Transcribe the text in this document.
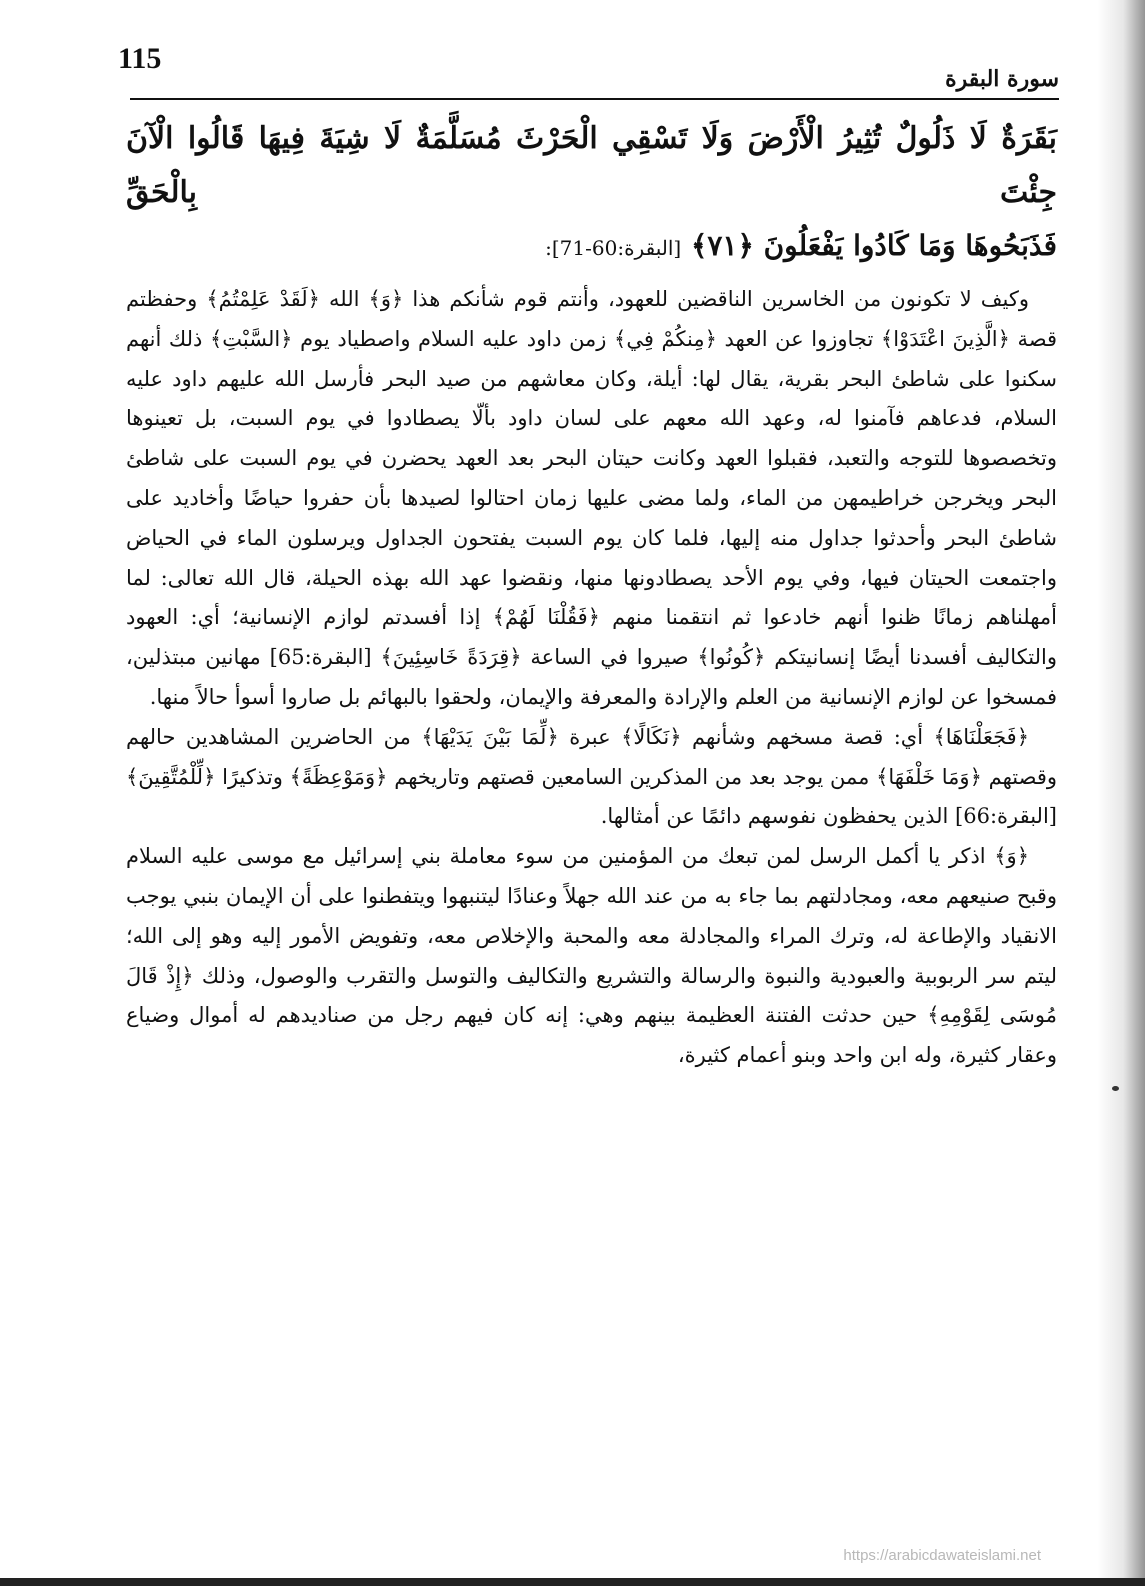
115
سورة البقرة

بَقَرَةٌ لَا ذَلُولٌ تُثِيرُ الْأَرْضَ وَلَا تَسْقِي الْحَرْثَ مُسَلَّمَةٌ لَا شِيَةَ فِيهَا قَالُوا الْآنَ جِئْتَ بِالْحَقِّ

فَذَبَحُوهَا وَمَا كَادُوا يَفْعَلُونَ ﴿٧١﴾ [البقرة:60-71]:

وكيف لا تكونون من الخاسرين الناقضين للعهود، وأنتم قوم شأنكم هذا ﴿وَ﴾ الله ﴿لَقَدْ عَلِمْتُمُ﴾ وحفظتم قصة ﴿الَّذِينَ اعْتَدَوْا﴾ تجاوزوا عن العهد ﴿مِنكُمْ فِي﴾ زمن داود عليه السلام واصطياد يوم ﴿السَّبْتِ﴾ ذلك أنهم سكنوا على شاطئ البحر بقرية، يقال لها: أيلة، وكان معاشهم من صيد البحر فأرسل الله عليهم داود عليه السلام، فدعاهم فآمنوا له، وعهد الله معهم على لسان داود بألّا يصطادوا في يوم السبت، بل تعينوها وتخصصوها للتوجه والتعبد، فقبلوا العهد وكانت حيتان البحر بعد العهد يحضرن في يوم السبت على شاطئ البحر ويخرجن خراطيمهن من الماء، ولما مضى عليها زمان احتالوا لصيدها بأن حفروا حياضًا وأخاديد على شاطئ البحر وأحدثوا جداول منه إليها، فلما كان يوم السبت يفتحون الجداول ويرسلون الماء في الحياض واجتمعت الحيتان فيها، وفي يوم الأحد يصطادونها منها، ونقضوا عهد الله بهذه الحيلة، قال الله تعالى: لما أمهلناهم زمانًا ظنوا أنهم خادعوا ثم انتقمنا منهم ﴿فَقُلْنَا لَهُمْ﴾ إذا أفسدتم لوازم الإنسانية؛ أي: العهود والتكاليف أفسدنا أيضًا إنسانيتكم ﴿كُونُوا﴾ صيروا في الساعة ﴿قِرَدَةً خَاسِئِينَ﴾ [البقرة:65] مهانين مبتذلين، فمسخوا عن لوازم الإنسانية من العلم والإرادة والمعرفة والإيمان، ولحقوا بالبهائم بل صاروا أسوأ حالاً منها.

﴿فَجَعَلْنَاهَا﴾ أي: قصة مسخهم وشأنهم ﴿نَكَالًا﴾ عبرة ﴿لِّمَا بَيْنَ يَدَيْهَا﴾ من الحاضرين المشاهدين حالهم وقصتهم ﴿وَمَا خَلْفَهَا﴾ ممن يوجد بعد من المذكرين السامعين قصتهم وتاريخهم ﴿وَمَوْعِظَةً﴾ وتذكيرًا ﴿لِّلْمُتَّقِينَ﴾ [البقرة:66] الذين يحفظون نفوسهم دائمًا عن أمثالها.

﴿وَ﴾ اذكر يا أكمل الرسل لمن تبعك من المؤمنين من سوء معاملة بني إسرائيل مع موسى عليه السلام وقبح صنيعهم معه، ومجادلتهم بما جاء به من عند الله جهلاً وعنادًا ليتنبهوا ويتفطنوا على أن الإيمان بنبي يوجب الانقياد والإطاعة له، وترك المراء والمجادلة معه والمحبة والإخلاص معه، وتفويض الأمور إليه وهو إلى الله؛ ليتم سر الربوبية والعبودية والنبوة والرسالة والتشريع والتكاليف والتوسل والتقرب والوصول، وذلك ﴿إِذْ قَالَ مُوسَى لِقَوْمِهِ﴾ حين حدثت الفتنة العظيمة بينهم وهي: إنه كان فيهم رجل من صناديدهم له أموال وضياع وعقار كثيرة، وله ابن واحد وبنو أعمام كثيرة،

https://arabicdawateislami.net
